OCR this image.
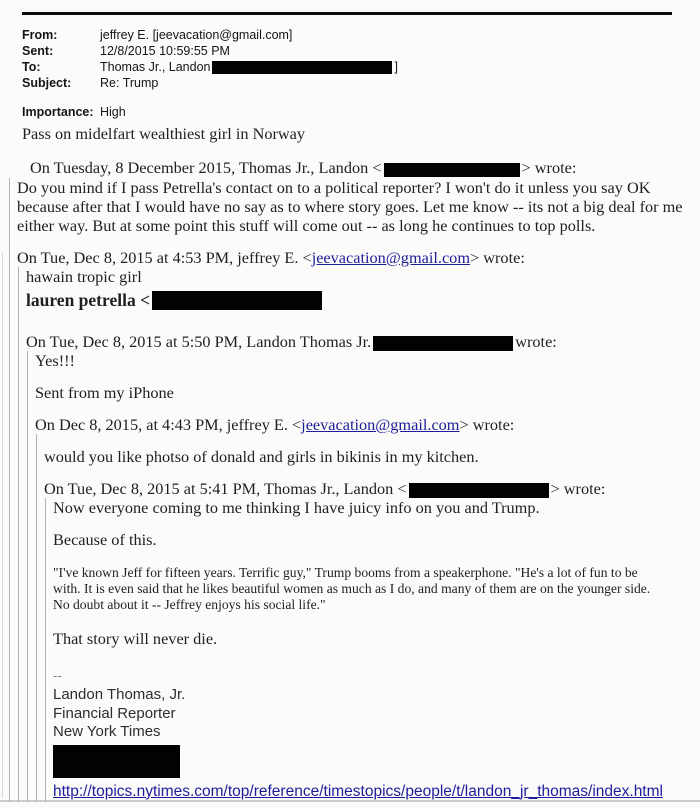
From:	jeffrey E. [jeevacation@gmail.com]
Sent:	12/8/2015 10:59:55 PM
To:	Thomas Jr., Landon	]
Subject:	Re: Trump
Importance: High
Pass on midelfart wealthiest girl in Norway
On Tuesday, 8 December 2015, Thomas Jr., Landon <	> wrote:

Do you mind if I pass Petrella's contact on to a political reporter? I won't do it unless you say OK because after that I would have no say as to where story goes. Let me know -- its not a big deal for me either way. But at some point this stuff will come out -- as long he continues to top polls.

On Tue, Dec 8, 2015 at 4:53 PM, jeffrey E. <jeevacation@gmail.com> wrote:
hawain tropic girl
lauren petrella <
On Tue, Dec 8, 2015 at 5:50 PM, Landon Thomas Jr.	wrote:
Yes!!!
Sent from my iPhone
On Dec 8, 2015, at 4:43 PM, jeffrey E. <jeevacation@gmail.com> wrote:
would you like photso of donald and girls in bikinis in my kitchen.
On Tue, Dec 8, 2015 at 5:41 PM, Thomas Jr., Landon <	> wrote:
Now everyone coming to me thinking I have juicy info on you and Trump.
Because of this.
"I've known Jeff for fifteen years. Terrific guy," Trump booms from a speakerphone. "He's a lot of fun to be with. It is even said that he likes beautiful women as much as I do, and many of them are on the younger side. No doubt about it -- Jeffrey enjoys his social life."
That story will never die.
--
Landon Thomas, Jr.
Financial Reporter
New York Times
http://topics.nytimes.com/top/reference/timestopics/people/t/landon_jr_thomas/index.html
